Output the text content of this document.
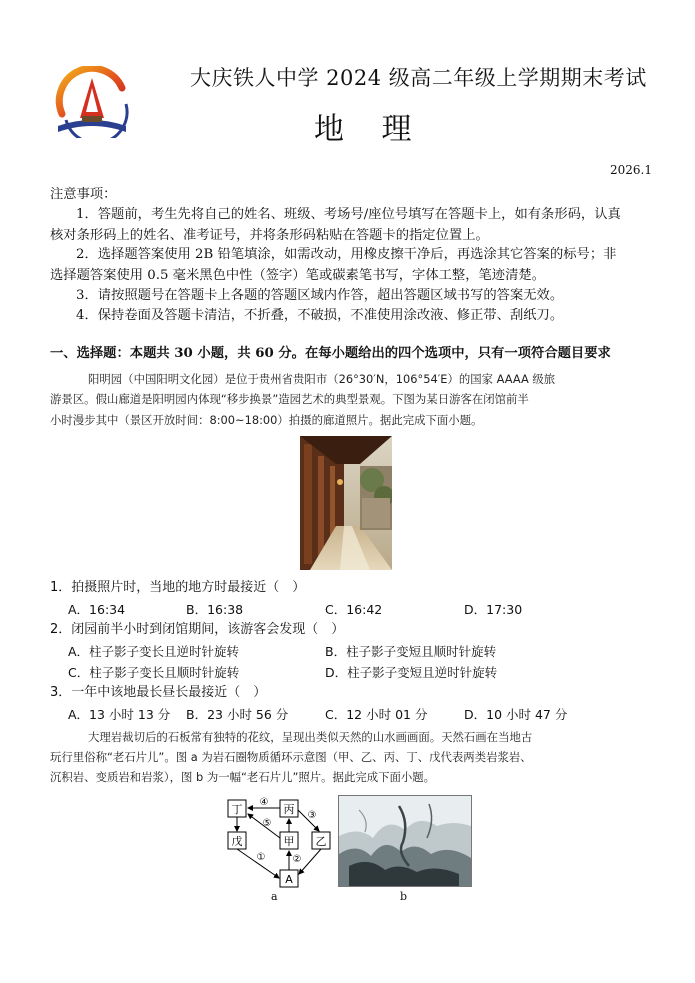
大庆铁人中学 2024 级高二年级上学期期末考试
地 理
2026.1
注意事项：
1．答题前，考生先将自己的姓名、班级、考场号/座位号填写在答题卡上，如有条形码，认真
核对条形码上的姓名、准考证号，并将条形码粘贴在答题卡的指定位置上。
2．选择题答案使用 2B 铅笔填涂，如需改动，用橡皮擦干净后，再选涂其它答案的标号；非
选择题答案使用 0.5 毫米黑色中性（签字）笔或碳素笔书写，字体工整，笔迹清楚。
3．请按照题号在答题卡上各题的答题区域内作答，超出答题区域书写的答案无效。
4．保持卷面及答题卡清洁，不折叠，不破损，不准使用涂改液、修正带、刮纸刀。
一、选择题：本题共 30 小题，共 60 分。在每小题给出的四个选项中，只有一项符合题目要求
阳明园（中国阳明文化园）是位于贵州省贵阳市（26°30′N，106°54′E）的国家 AAAA 级旅
游景区。假山廊道是阳明园内体现“移步换景”造园艺术的典型景观。下图为某日游客在闭馆前半
小时漫步其中（景区开放时间：8:00~18:00）拍摄的廊道照片。据此完成下面小题。
1．拍摄照片时，当地的地方时最接近（　）
A．16:34	B．16:38	C．16:42	D．17:30
2．闭园前半小时到闭馆期间，该游客会发现（　）
A．柱子影子变长且逆时针旋转	B．柱子影子变短且顺时针旋转
C．柱子影子变长且顺时针旋转	D．柱子影子变短且逆时针旋转
3．一年中该地最长昼长最接近（　）
A．13 小时 13 分 B．23 小时 56 分	C．12 小时 01 分	D．10 小时 47 分
大理岩裁切后的石板常有独特的花纹，呈现出类似天然的山水画画面。天然石画在当地古
玩行里俗称“老石片儿”。图 a 为岩石圈物质循环示意图（甲、乙、丙、丁、戊代表两类岩浆岩、
沉积岩、变质岩和岩浆），图 b 为一幅“老石片儿”照片。据此完成下面小题。
丁	丙
戊	甲 乙
A
④
⑤
③
①	②
a	b
